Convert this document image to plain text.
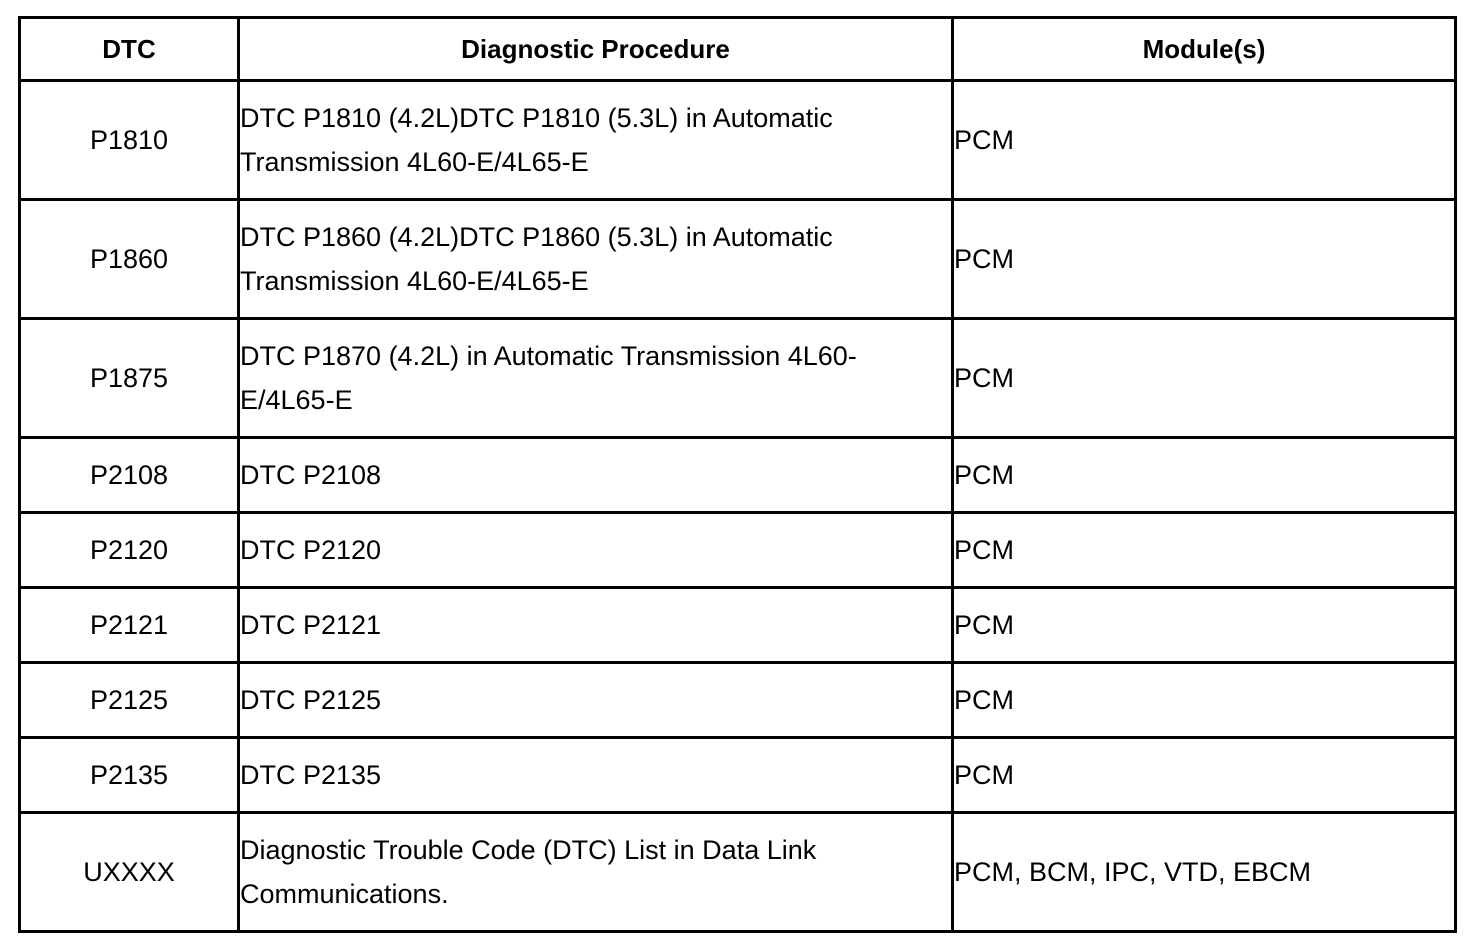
DTC	Diagnostic Procedure	Module(s)
P1810	DTC P1810 (4.2L)DTC P1810 (5.3L) in Automatic Transmission 4L60-E/4L65-E	PCM
P1860	DTC P1860 (4.2L)DTC P1860 (5.3L) in Automatic Transmission 4L60-E/4L65-E	PCM
P1875	DTC P1870 (4.2L) in Automatic Transmission 4L60-E/4L65-E	PCM
P2108	DTC P2108	PCM
P2120	DTC P2120	PCM
P2121	DTC P2121	PCM
P2125	DTC P2125	PCM
P2135	DTC P2135	PCM
UXXXX	Diagnostic Trouble Code (DTC) List in Data Link Communications.	PCM, BCM, IPC, VTD, EBCM
